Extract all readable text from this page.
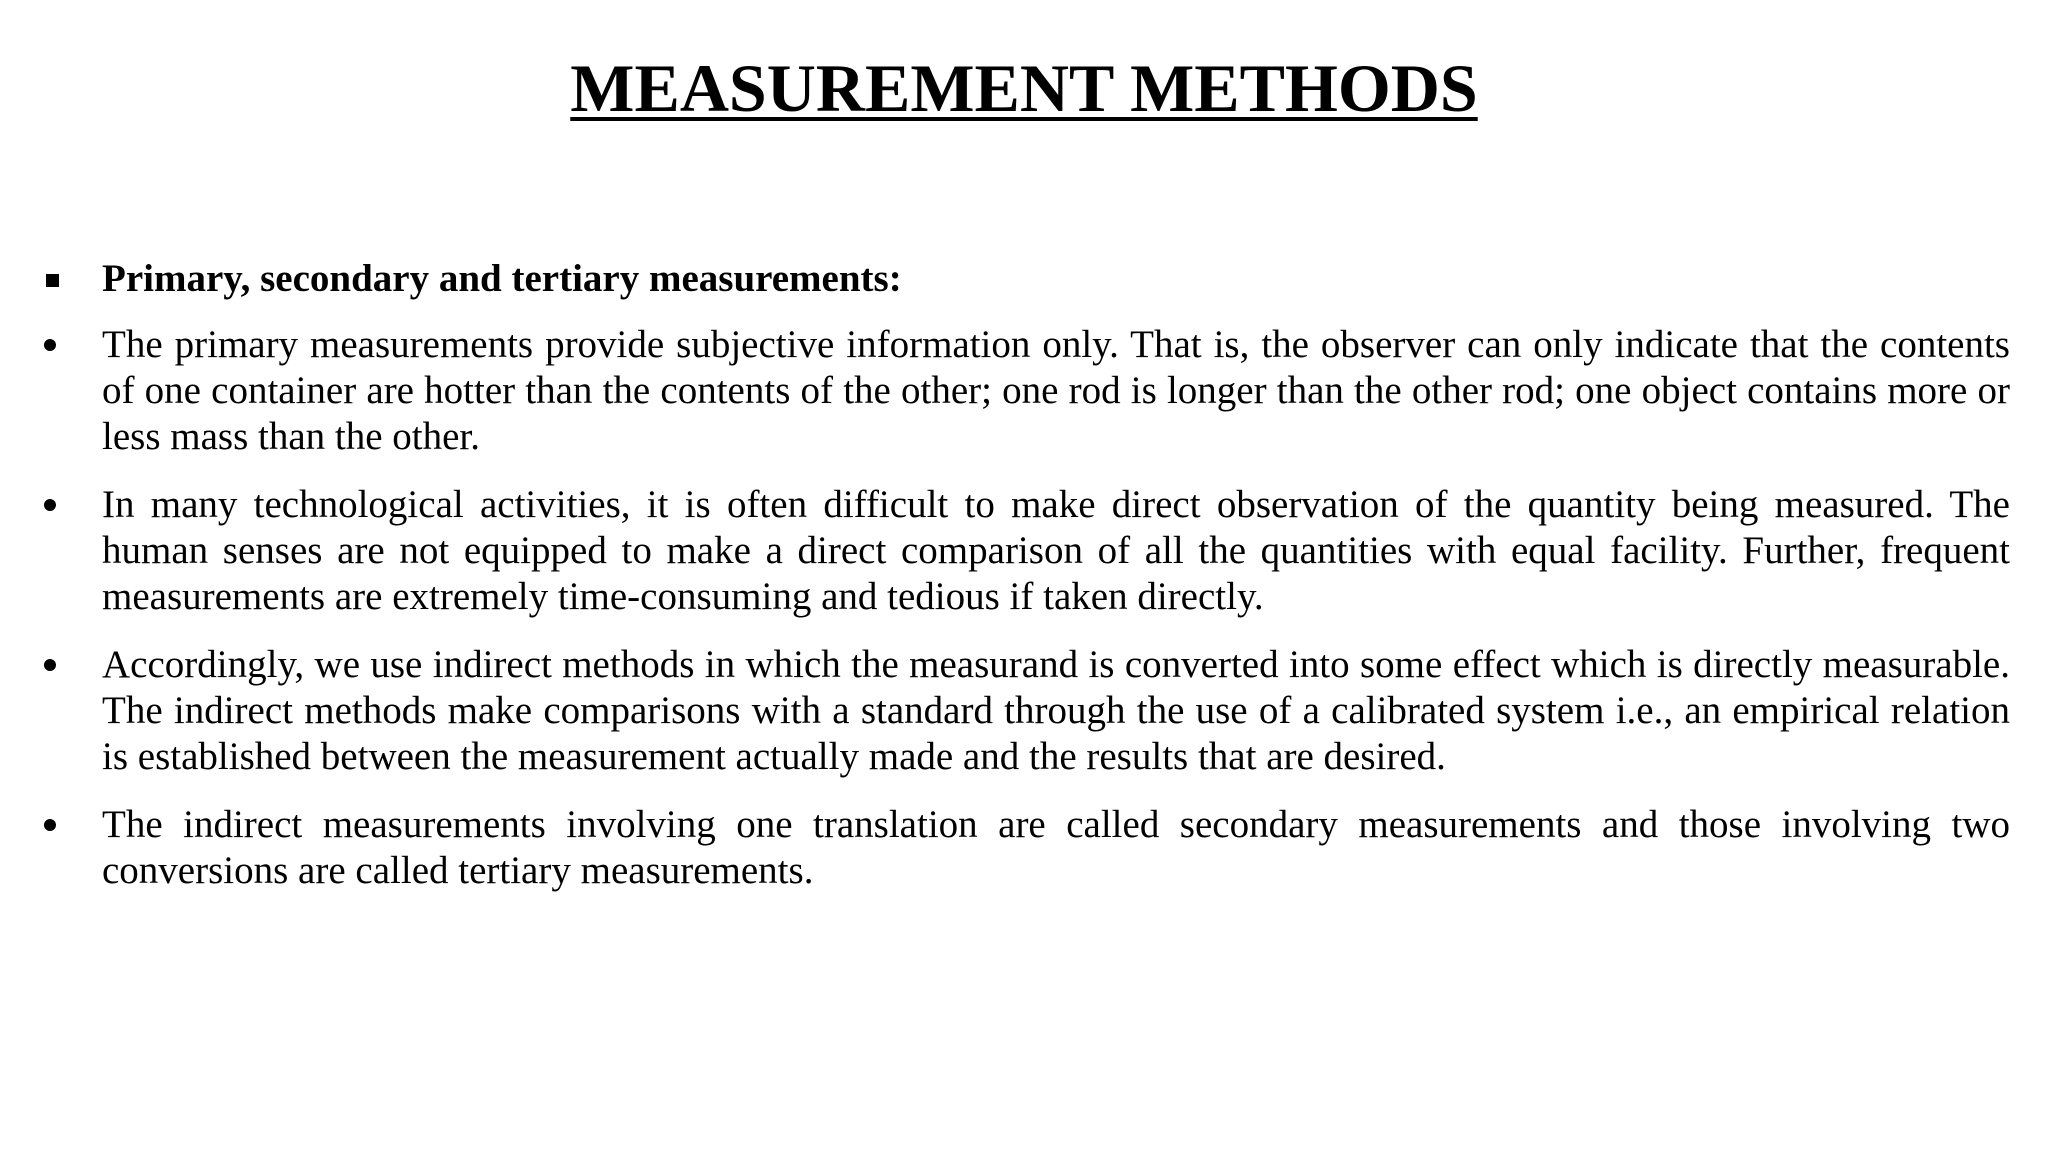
MEASUREMENT METHODS
Primary, secondary and tertiary measurements:
The primary measurements provide subjective information only. That is, the observer can only indicate that the contents of one container are hotter than the contents of the other; one rod is longer than the other rod; one object contains more or less mass than the other.
In many technological activities, it is often difficult to make direct observation of the quantity being measured. The human senses are not equipped to make a direct comparison of all the quantities with equal facility. Further, frequent measurements are extremely time-consuming and tedious if taken directly.
Accordingly, we use indirect methods in which the measurand is converted into some effect which is directly measurable. The indirect methods make comparisons with a standard through the use of a calibrated system i.e., an empirical relation is established between the measurement actually made and the results that are desired.
The indirect measurements involving one translation are called secondary measurements and those involving two conversions are called tertiary measurements.
